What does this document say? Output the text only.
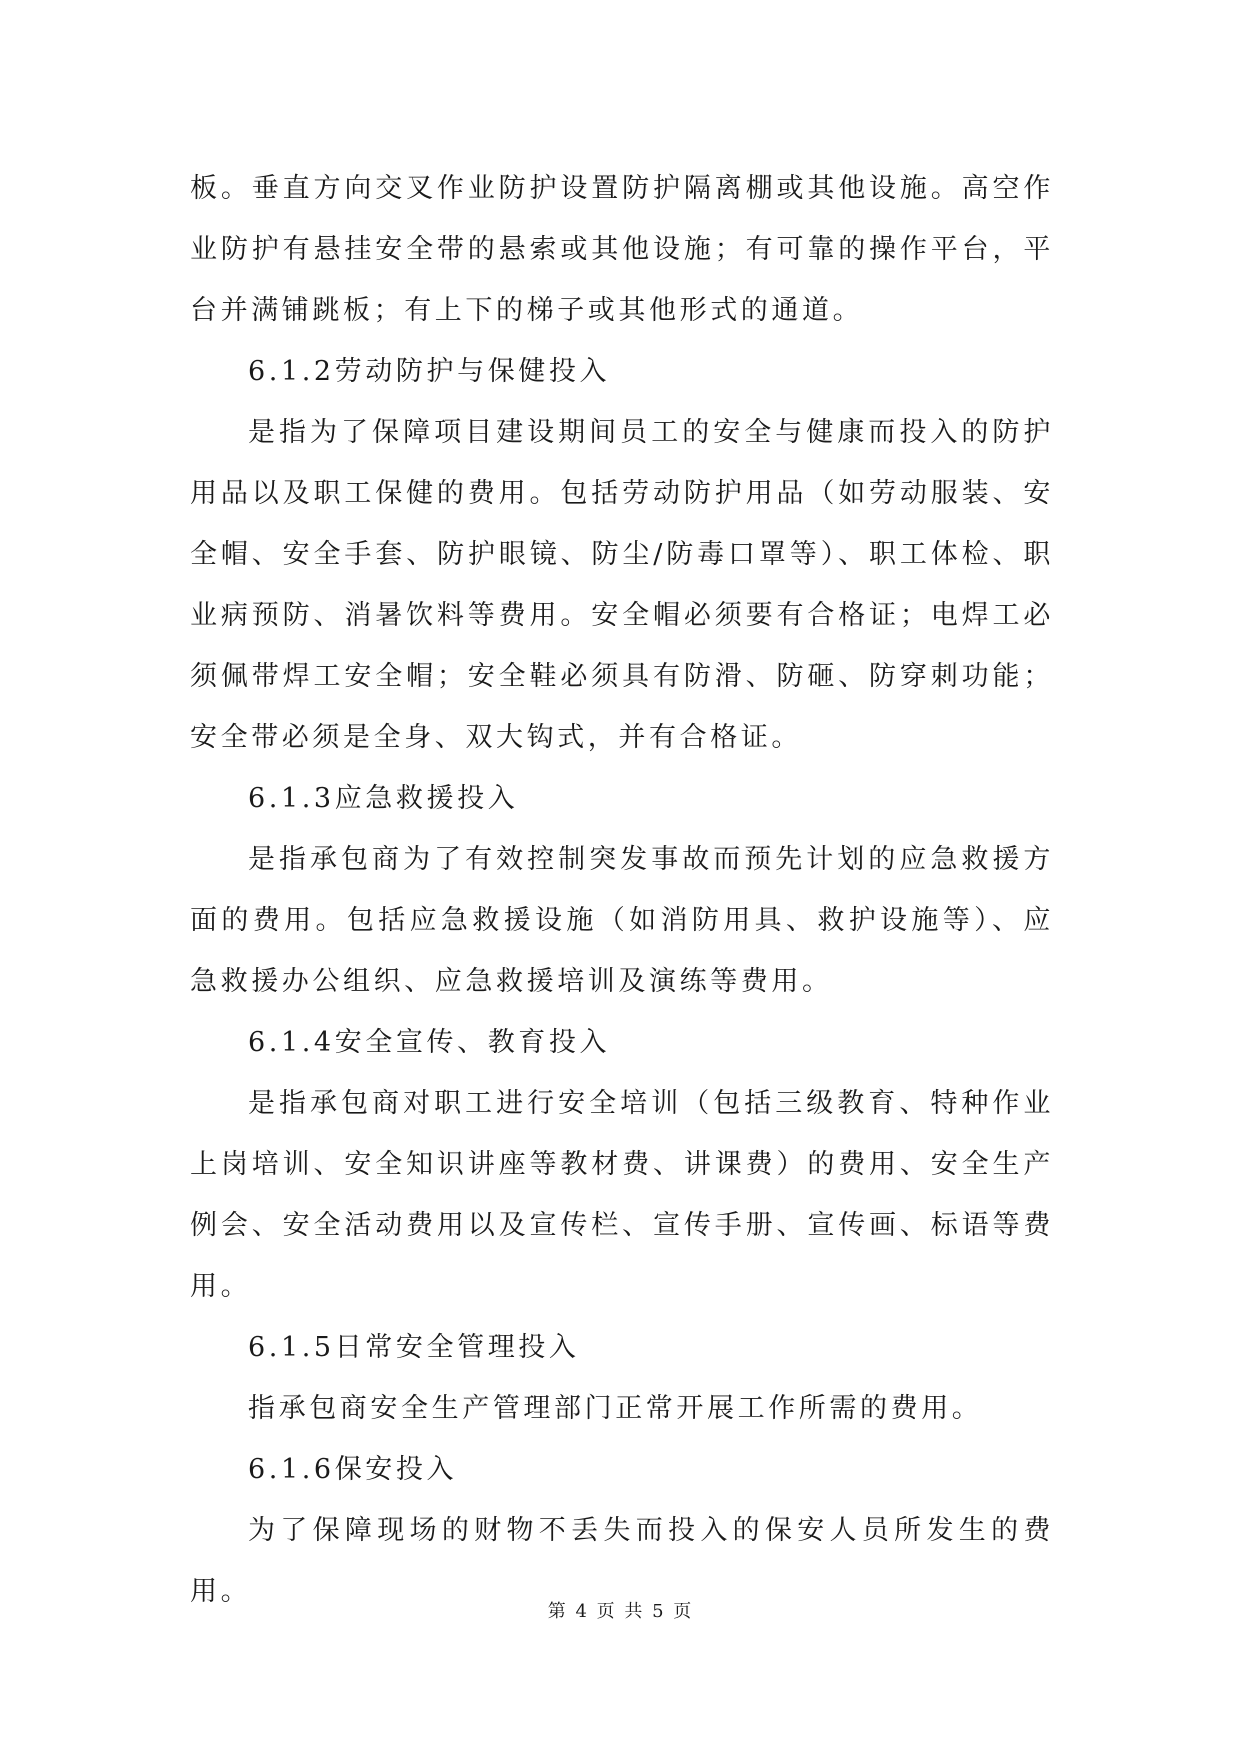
板。垂直方向交叉作业防护设置防护隔离棚或其他设施。高空作业防护有悬挂安全带的悬索或其他设施；有可靠的操作平台，平台并满铺跳板；有上下的梯子或其他形式的通道。

6.1.2劳动防护与保健投入

是指为了保障项目建设期间员工的安全与健康而投入的防护用品以及职工保健的费用。包括劳动防护用品（如劳动服装、安全帽、安全手套、防护眼镜、防尘/防毒口罩等）、职工体检、职业病预防、消暑饮料等费用。安全帽必须要有合格证；电焊工必须佩带焊工安全帽；安全鞋必须具有防滑、防砸、防穿刺功能；安全带必须是全身、双大钩式，并有合格证。

6.1.3应急救援投入

是指承包商为了有效控制突发事故而预先计划的应急救援方面的费用。包括应急救援设施（如消防用具、救护设施等）、应急救援办公组织、应急救援培训及演练等费用。

6.1.4安全宣传、教育投入

是指承包商对职工进行安全培训（包括三级教育、特种作业上岗培训、安全知识讲座等教材费、讲课费）的费用、安全生产例会、安全活动费用以及宣传栏、宣传手册、宣传画、标语等费用。

6.1.5日常安全管理投入

指承包商安全生产管理部门正常开展工作所需的费用。

6.1.6保安投入

为了保障现场的财物不丢失而投入的保安人员所发生的费用。

第 4 页 共 5 页
